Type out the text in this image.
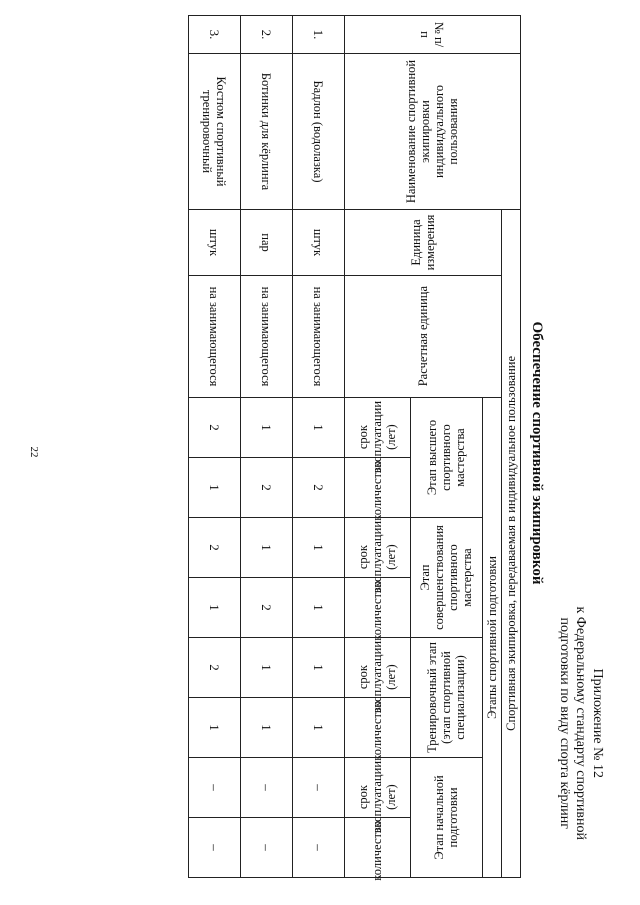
22
Приложение № 12
к Федеральному стандарту спортивной
подготовки по виду спорта кёрлинг
Обеспечение спортивной экипировкой
№ п/п	Наименование спортивной экипировки индивидуального пользования	Спортивная экипировка, передаваемая в индивидуальное пользование									
		Единица измерения	Расчетная единица	Этапы спортивной подготовки							
				Этап высшего спортивного мастерства		Этап совершенствования спортивного мастерства		Тренировочный этап (этап спортивной специализации)		Этап начальной подготовки	
				срок эксплуатации (лет)	количество	срок эксплуатации (лет)	количество	срок эксплуатации (лет)	количество	срок эксплуатации (лет)	количество
1.	Бадлон (водолазка)	штук	на занимающегося	1	2	1	1	1	1	–	–
2.	Ботинки для кёрлинга	пар	на занимающегося	1	2	1	2	1	1	–	–
3.	Костюм спортивный тренировочный	штук	на занимающегося	2	1	2	1	2	1	–	–
